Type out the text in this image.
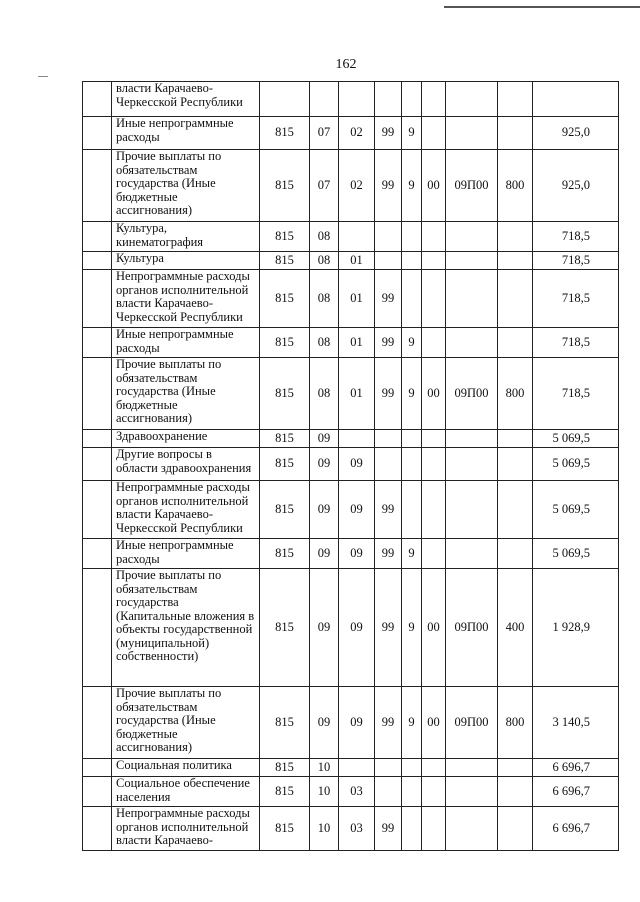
162
	власти Карачаево-Черкесской Республики									
	Иные непрограммные расходы	815	07	02	99	9				925,0
	Прочие выплаты по обязательствам государства (Иные бюджетные ассигнования)	815	07	02	99	9	00	09П00	800	925,0
	Культура, кинематография	815	08							718,5
	Культура	815	08	01						718,5
	Непрограммные расходы органов исполнительной власти Карачаево-Черкесской Республики	815	08	01	99					718,5
	Иные непрограммные расходы	815	08	01	99	9				718,5
	Прочие выплаты по обязательствам государства (Иные бюджетные ассигнования)	815	08	01	99	9	00	09П00	800	718,5
	Здравоохранение	815	09							5 069,5
	Другие вопросы в области здравоохранения	815	09	09						5 069,5
	Непрограммные расходы органов исполнительной власти Карачаево-Черкесской Республики	815	09	09	99					5 069,5
	Иные непрограммные расходы	815	09	09	99	9				5 069,5
	Прочие выплаты по обязательствам государства (Капитальные вложения в объекты государственной (муниципальной) собственности)	815	09	09	99	9	00	09П00	400	1 928,9
	Прочие выплаты по обязательствам государства (Иные бюджетные ассигнования)	815	09	09	99	9	00	09П00	800	3 140,5
	Социальная политика	815	10							6 696,7
	Социальное обеспечение населения	815	10	03						6 696,7
	Непрограммные расходы органов исполнительной власти Карачаево-	815	10	03	99					6 696,7
